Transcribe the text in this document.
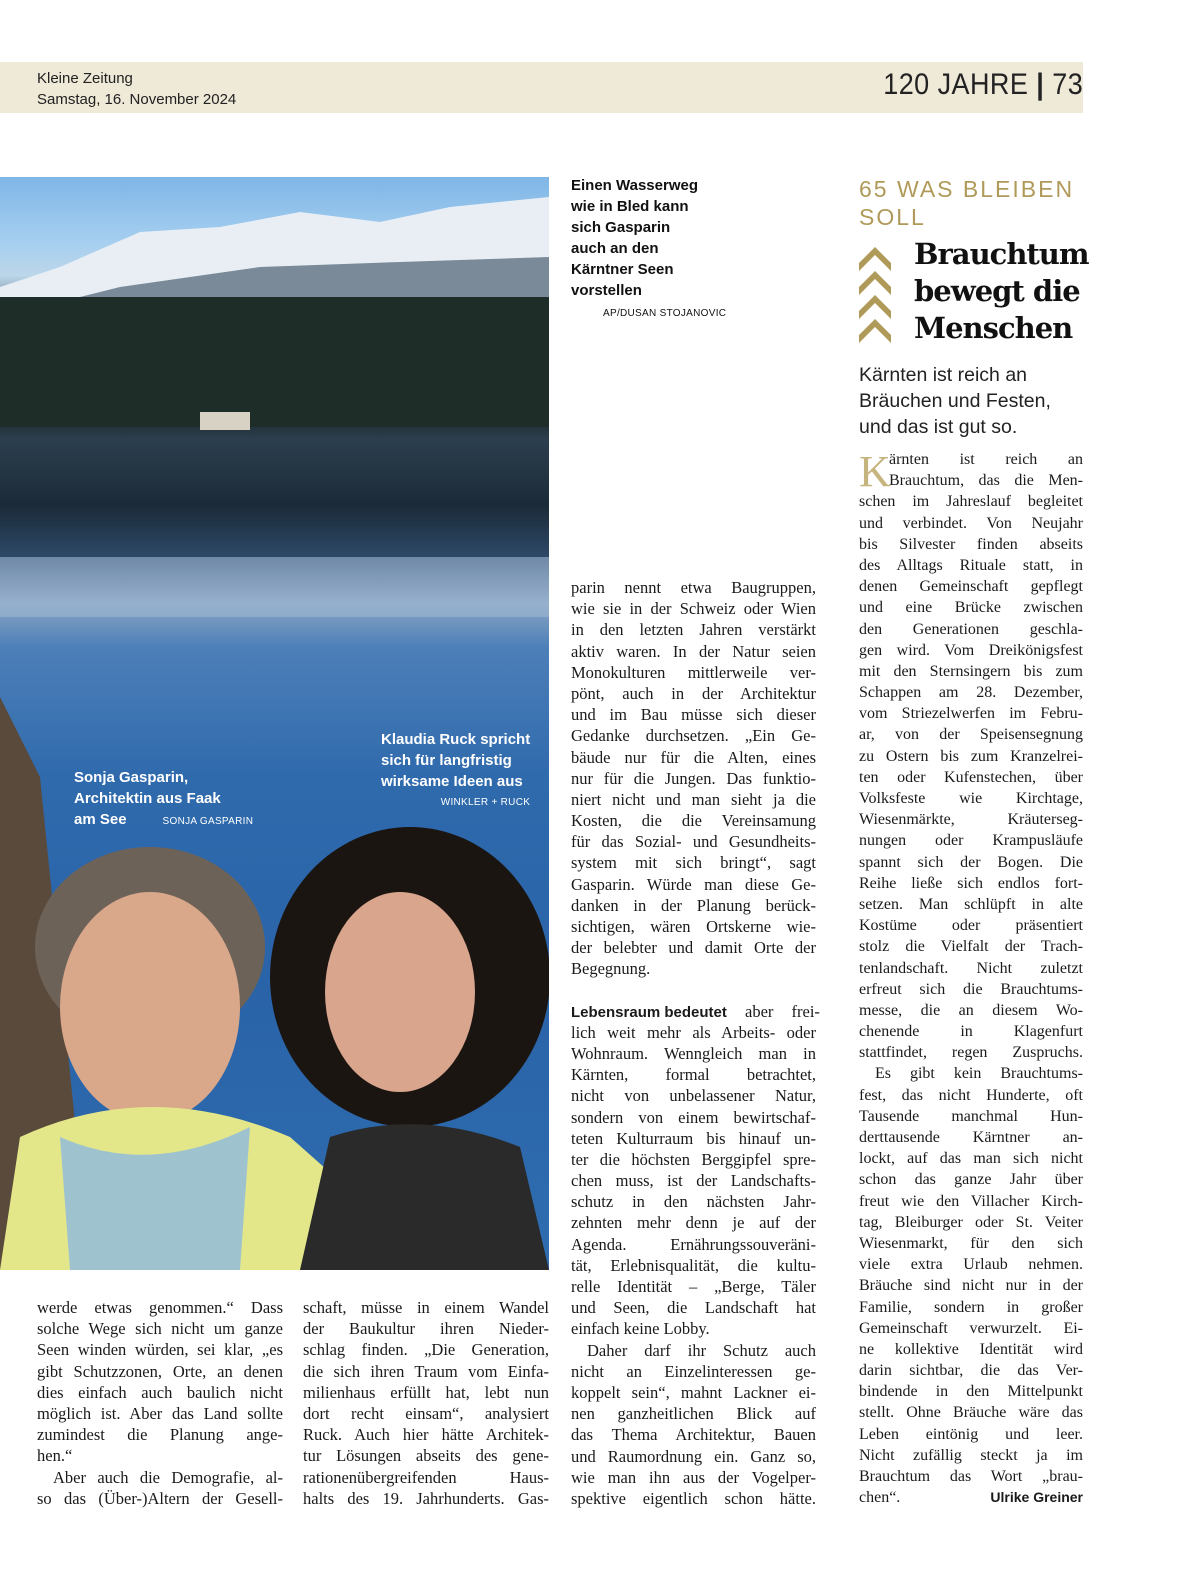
Kleine Zeitung
Samstag, 16. November 2024	120 JAHRE | 73
Sonja Gasparin,
Architektin aus Faak
am See	SONJA GASPARIN
Klaudia Ruck spricht
sich für langfristig
wirksame Ideen aus
WINKLER + RUCK
Einen Wasserweg
wie in Bled kann
sich Gasparin
auch an den
Kärntner Seen
vorstellen
AP/DUSAN STOJANOVIC
werde etwas genommen.“ Dass
solche Wege sich nicht um ganze
Seen winden würden, sei klar, „es
gibt Schutzzonen, Orte, an denen
dies einfach auch baulich nicht
möglich ist. Aber das Land sollte
zumindest die Planung ange-
hen.“
Aber auch die Demografie, al-
so das (Über-)Altern der Gesell-
schaft, müsse in einem Wandel
der Baukultur ihren Nieder-
schlag finden. „Die Generation,
die sich ihren Traum vom Einfa-
milienhaus erfüllt hat, lebt nun
dort recht einsam“, analysiert
Ruck. Auch hier hätte Architek-
tur Lösungen abseits des gene-
rationenübergreifenden Haus-
halts des 19. Jahrhunderts. Gas-
parin nennt etwa Baugruppen,
wie sie in der Schweiz oder Wien
in den letzten Jahren verstärkt
aktiv waren. In der Natur seien
Monokulturen mittlerweile ver-
pönt, auch in der Architektur
und im Bau müsse sich dieser
Gedanke durchsetzen. „Ein Ge-
bäude nur für die Alten, eines
nur für die Jungen. Das funktio-
niert nicht und man sieht ja die
Kosten, die die Vereinsamung
für das Sozial- und Gesundheits-
system mit sich bringt“, sagt
Gasparin. Würde man diese Ge-
danken in der Planung berück-
sichtigen, wären Ortskerne wie-
der belebter und damit Orte der
Begegnung.
Lebensraum bedeutet aber frei-
lich weit mehr als Arbeits- oder
Wohnraum. Wenngleich man in
Kärnten, formal betrachtet,
nicht von unbelassener Natur,
sondern von einem bewirtschaf-
teten Kulturraum bis hinauf un-
ter die höchsten Berggipfel spre-
chen muss, ist der Landschafts-
schutz in den nächsten Jahr-
zehnten mehr denn je auf der
Agenda. Ernährungssouveräni-
tät, Erlebnisqualität, die kultu-
relle Identität – „Berge, Täler
und Seen, die Landschaft hat
einfach keine Lobby.
Daher darf ihr Schutz auch
nicht an Einzelinteressen ge-
koppelt sein“, mahnt Lackner ei-
nen ganzheitlichen Blick auf
das Thema Architektur, Bauen
und Raumordnung ein. Ganz so,
wie man ihn aus der Vogelper-
spektive eigentlich schon hätte.
65 WAS BLEIBEN
SOLL
Brauchtum
bewegt die
Menschen
Kärnten ist reich an
Bräuchen und Festen,
und das ist gut so.
K
ärnten ist reich an
Brauchtum, das die Men-
schen im Jahreslauf begleitet
und verbindet. Von Neujahr
bis Silvester finden abseits
des Alltags Rituale statt, in
denen Gemeinschaft gepflegt
und eine Brücke zwischen
den Generationen geschla-
gen wird. Vom Dreikönigsfest
mit den Sternsingern bis zum
Schappen am 28. Dezember,
vom Striezelwerfen im Febru-
ar, von der Speisensegnung
zu Ostern bis zum Kranzelrei-
ten oder Kufenstechen, über
Volksfeste wie Kirchtage,
Wiesenmärkte, Kräuterseg-
nungen oder Krampusläufe
spannt sich der Bogen. Die
Reihe ließe sich endlos fort-
setzen. Man schlüpft in alte
Kostüme oder präsentiert
stolz die Vielfalt der Trach-
tenlandschaft. Nicht zuletzt
erfreut sich die Brauchtums-
messe, die an diesem Wo-
chenende in Klagenfurt
stattfindet, regen Zuspruchs.
Es gibt kein Brauchtums-
fest, das nicht Hunderte, oft
Tausende manchmal Hun-
derttausende Kärntner an-
lockt, auf das man sich nicht
schon das ganze Jahr über
freut wie den Villacher Kirch-
tag, Bleiburger oder St. Veiter
Wiesenmarkt, für den sich
viele extra Urlaub nehmen.
Bräuche sind nicht nur in der
Familie, sondern in großer
Gemeinschaft verwurzelt. Ei-
ne kollektive Identität wird
darin sichtbar, die das Ver-
bindende in den Mittelpunkt
stellt. Ohne Bräuche wäre das
Leben eintönig und leer.
Nicht zufällig steckt ja im
Brauchtum das Wort „brau-
chen“.	Ulrike Greiner
